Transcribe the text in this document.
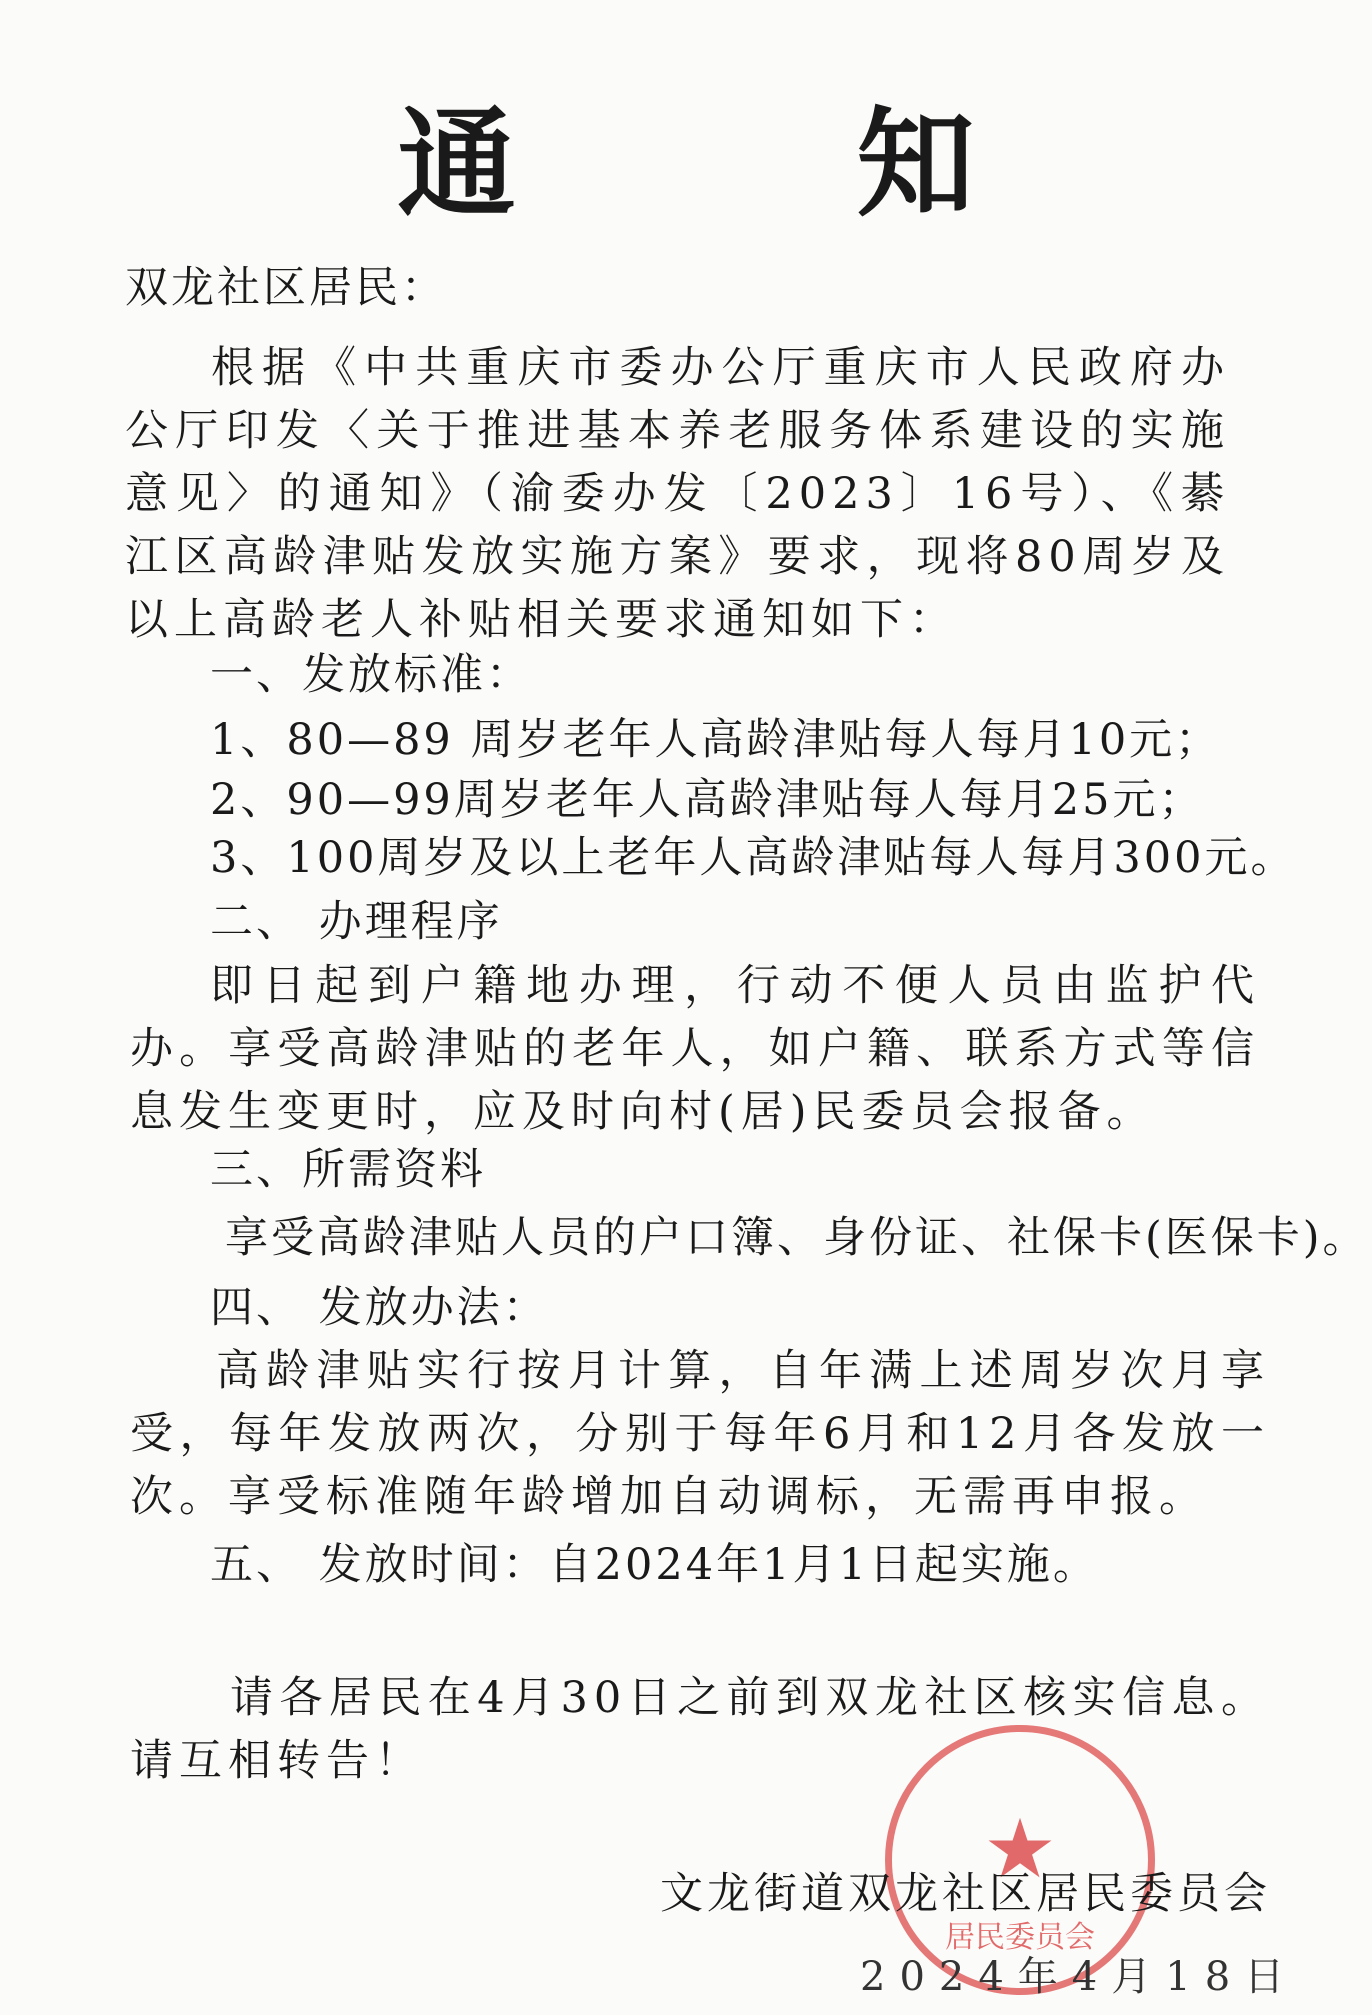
通 知
双龙社区居民：
根据《中共重庆市委办公厅重庆市人民政府办公厅印发〈关于推进基本养老服务体系建设的实施意见〉的通知》（渝委办发〔2023〕16号）、《綦江区高龄津贴发放实施方案》要求，现将80周岁及以上高龄老人补贴相关要求通知如下：
一、发放标准：
1、80—89 周岁老年人高龄津贴每人每月10元；
2、90—99周岁老年人高龄津贴每人每月25元；
3、100周岁及以上老年人高龄津贴每人每月300元。
二、 办理程序
即日起到户籍地办理，行动不便人员由监护代办。享受高龄津贴的老年人，如户籍、联系方式等信息发生变更时，应及时向村(居)民委员会报备。
三、所需资料
享受高龄津贴人员的户口簿、身份证、社保卡(医保卡)。
四、 发放办法：
高龄津贴实行按月计算，自年满上述周岁次月享受，每年发放两次，分别于每年6月和12月各发放一次。享受标准随年龄增加自动调标，无需再申报。
五、 发放时间：自2024年1月1日起实施。
请各居民在4月30日之前到双龙社区核实信息。请互相转告！
★
居民委员会
文龙街道双龙社区居民委员会
2024年4月18日
